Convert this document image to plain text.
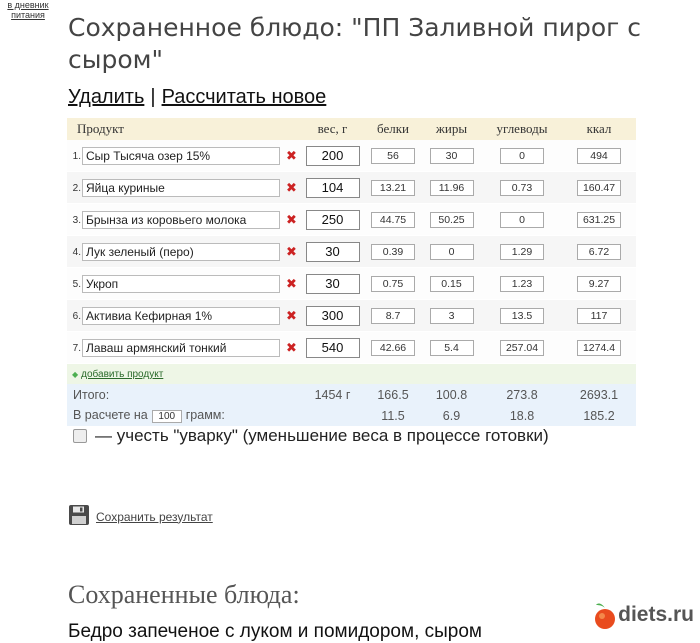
в дневник питания Сохраненное блюдо: "ПП Заливной пирог с сыром"
Удалить | Рассчитать новое
Продукт	вес, г	белки	жиры	углеводы	ккал
1.Сыр Тысяча озер 15% ✖	200	56	30	0	494
2.Яйца куриные ✖	104	13.21	11.96	0.73	160.47
3.Брынза из коровьего молока ✖	250	44.75	50.25	0	631.25
4.Лук зеленый (перо) ✖	30	0.39	0	1.29	6.72
5.Укроп ✖	30	0.75	0.15	1.23	9.27
6.Активиа Кефирная 1% ✖	300	8.7	3	13.5	117
7.Лаваш армянский тонкий ✖	540	42.66	5.4	257.04	1274.4
◆ добавить продукт
Итого:	1454 г	166.5	100.8	273.8	2693.1
В расчете на100 грамм:		11.5	6.9	18.8	185.2
— учесть "уварку" (уменьшение веса в процессе готовки)
Сохранить результат
Сохраненные блюда:
Бедро запеченое с луком и помидором, сыром
diets.ru
